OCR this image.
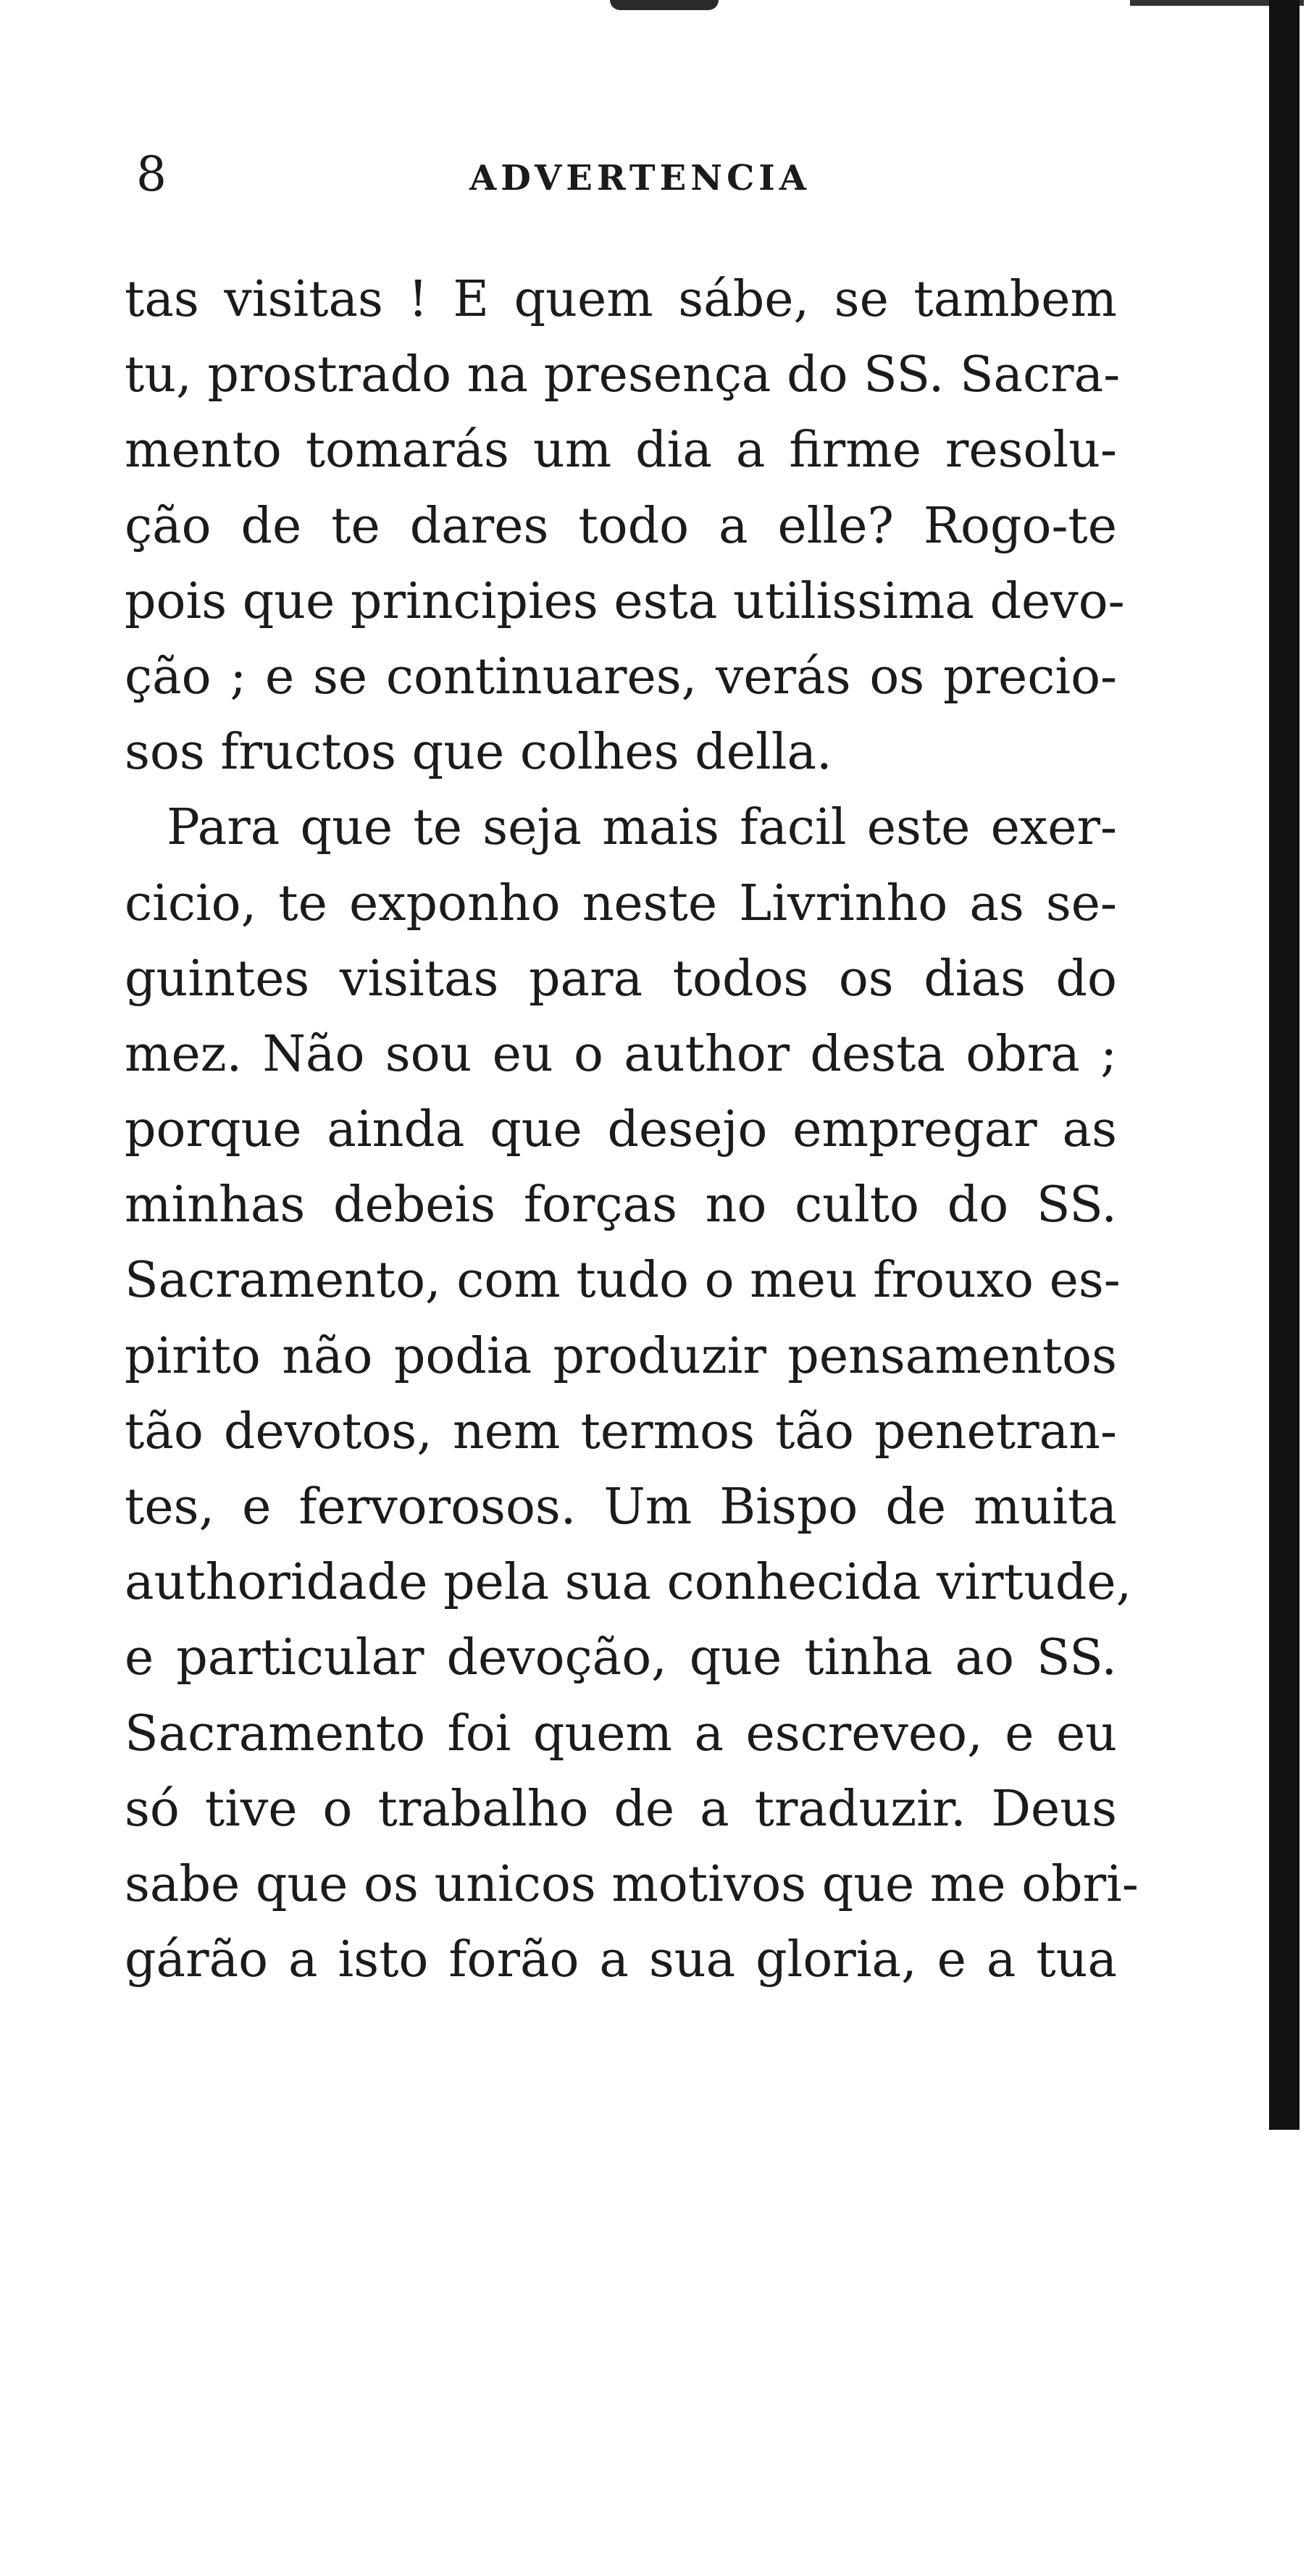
8	ADVERTENCIA
tas visitas ! E quem sábe, se tambem
tu, prostrado na presença do SS. Sacra-
mento tomarás um dia a firme resolu-
ção de te dares todo a elle? Rogo-te
pois que principies esta utilissima devo-
ção ; e se continuares, verás os precio-
sos fructos que colhes della.
Para que te seja mais facil este exer-
cicio, te exponho neste Livrinho as se-
guintes visitas para todos os dias do
mez. Não sou eu o author desta obra ;
porque ainda que desejo empregar as
minhas debeis forças no culto do SS.
Sacramento, com tudo o meu frouxo es-
pirito não podia produzir pensamentos
tão devotos, nem termos tão penetran-
tes, e fervorosos. Um Bispo de muita
authoridade pela sua conhecida virtude,
e particular devoção, que tinha ao SS.
Sacramento foi quem a escreveo, e eu
só tive o trabalho de a traduzir. Deus
sabe que os unicos motivos que me obri-
gárão a isto forão a sua gloria, e a tua
